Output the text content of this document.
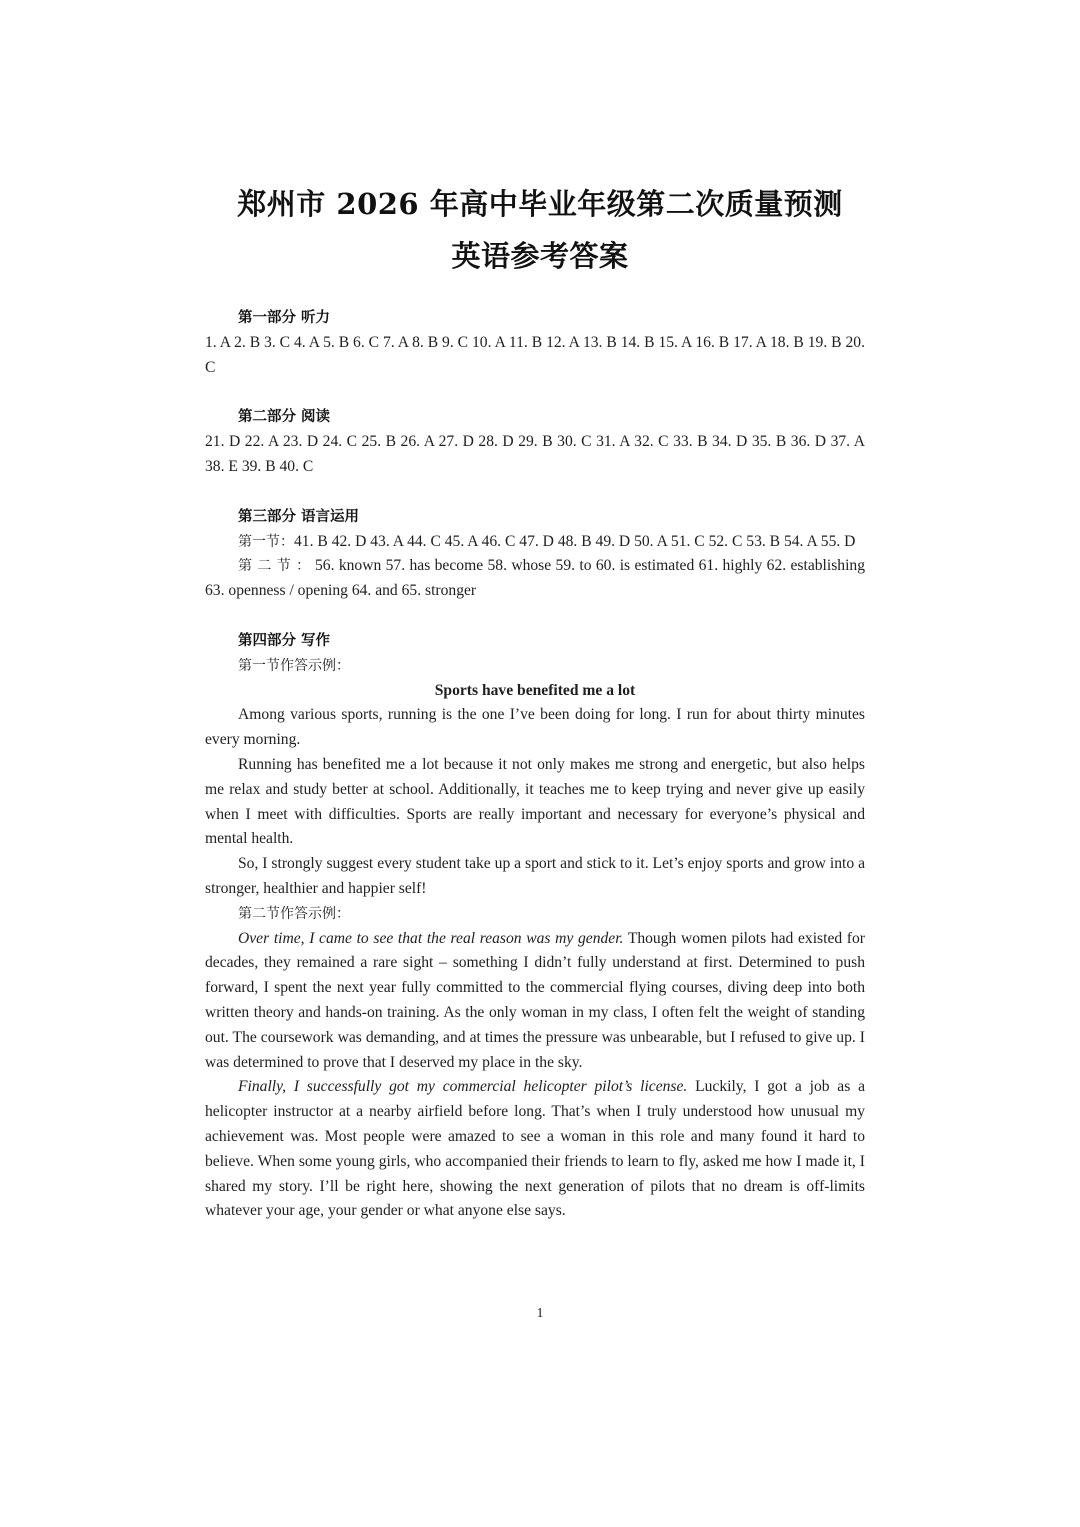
郑州市 2026 年高中毕业年级第二次质量预测
英语参考答案
第一部分 听力

1. A 2. B 3. C 4. A 5. B 6. C 7. A 8. B 9. C 10. A 11. B 12. A 13. B 14. B 15. A 16. B 17. A 18. B 19. B 20. C

第二部分 阅读

21. D 22. A 23. D 24. C 25. B 26. A 27. D 28. D 29. B 30. C 31. A 32. C 33. B 34. D 35. B 36. D 37. A 38. E 39. B 40. C

第三部分 语言运用

第一节：41. B 42. D 43. A 44. C 45. A 46. C 47. D 48. B 49. D 50. A 51. C 52. C 53. B 54. A 55. D

第 二 节 ： 56. known 57. has become 58. whose 59. to 60. is estimated 61. highly 62. establishing 63. openness / opening 64. and 65. stronger

第四部分 写作
第一节作答示例：
Sports have benefited me a lot

Among various sports, running is the one I’ve been doing for long. I run for about thirty minutes every morning.

Running has benefited me a lot because it not only makes me strong and energetic, but also helps me relax and study better at school. Additionally, it teaches me to keep trying and never give up easily when I meet with difficulties. Sports are really important and necessary for everyone’s physical and mental health.

So, I strongly suggest every student take up a sport and stick to it. Let’s enjoy sports and grow into a stronger, healthier and happier self!

第二节作答示例：

Over time, I came to see that the real reason was my gender. Though women pilots had existed for decades, they remained a rare sight – something I didn’t fully understand at first. Determined to push forward, I spent the next year fully committed to the commercial flying courses, diving deep into both written theory and hands-on training. As the only woman in my class, I often felt the weight of standing out. The coursework was demanding, and at times the pressure was unbearable, but I refused to give up. I was determined to prove that I deserved my place in the sky.

Finally, I successfully got my commercial helicopter pilot’s license. Luckily, I got a job as a helicopter instructor at a nearby airfield before long. That’s when I truly understood how unusual my achievement was. Most people were amazed to see a woman in this role and many found it hard to believe. When some young girls, who accompanied their friends to learn to fly, asked me how I made it, I shared my story. I’ll be right here, showing the next generation of pilots that no dream is off-limits whatever your age, your gender or what anyone else says.

1
